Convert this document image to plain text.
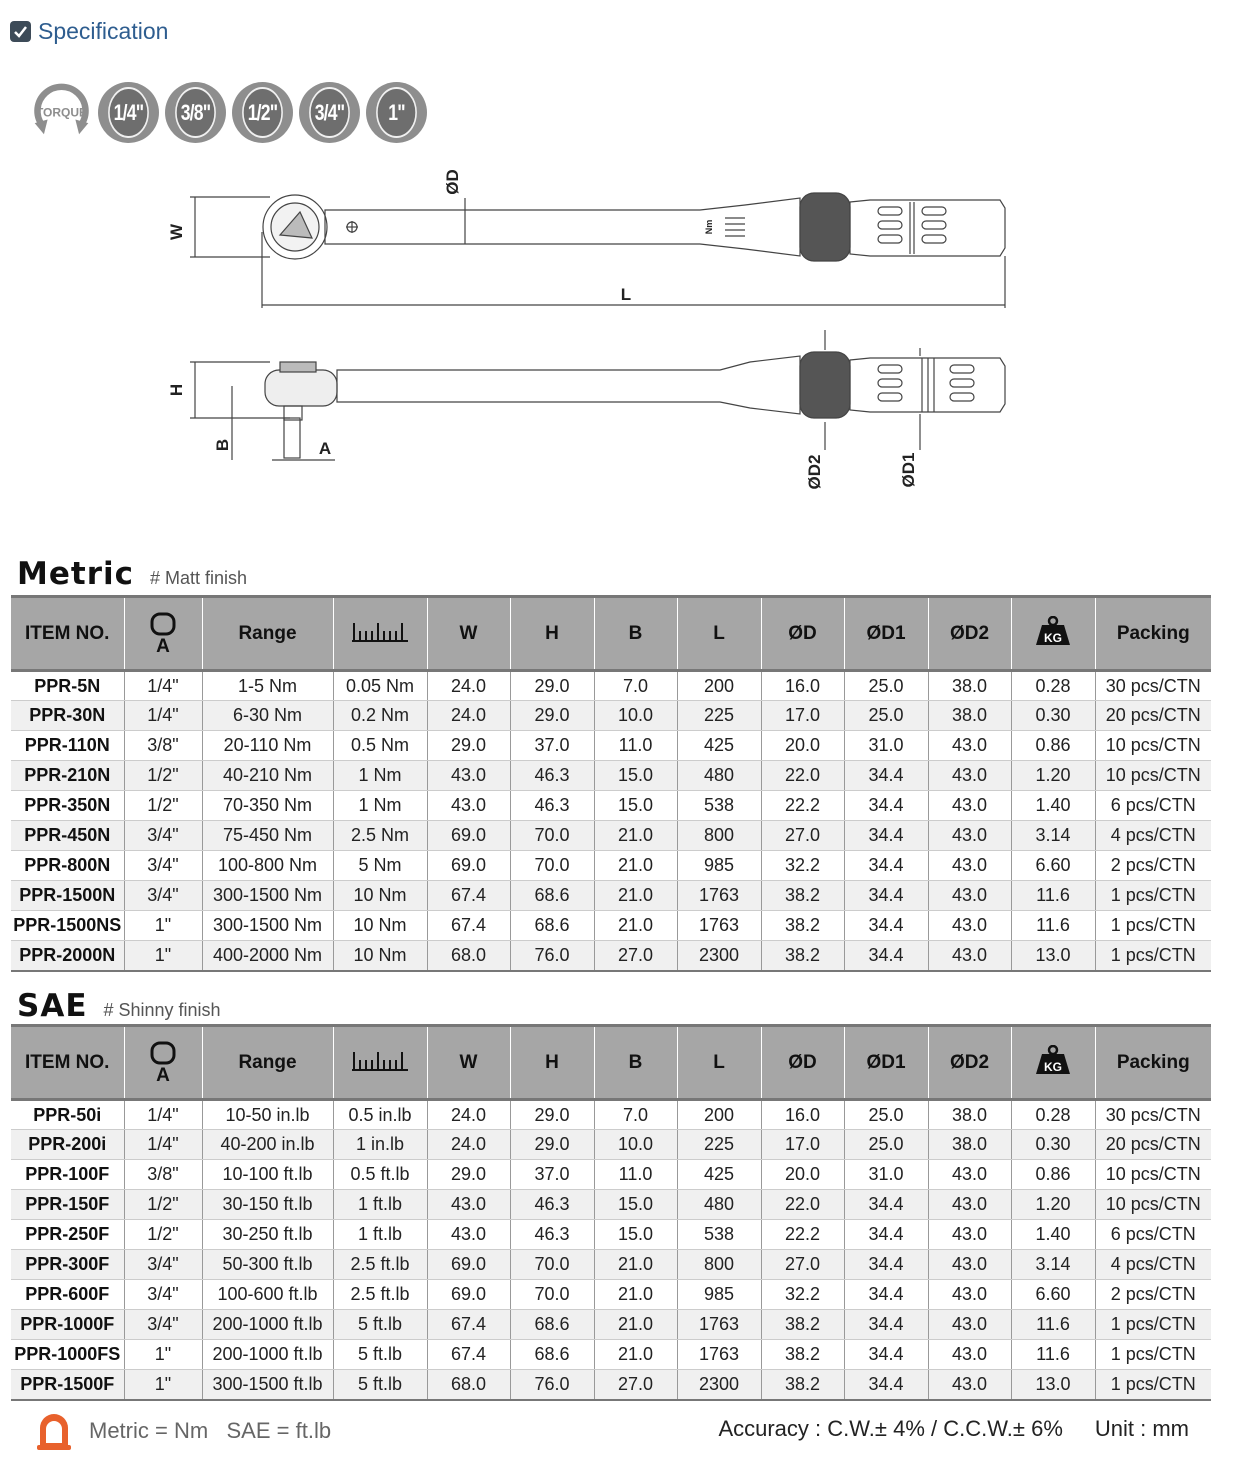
Specification
TORQUE 1/4" 3/8" 1/2" 3/4"	1"
W
ØD
L
Nm
H
B	A
ØD2	ØD1
Metric # Matt finish
ITEM NO.	A	Range		W	H	B	L	ØD	ØD1	ØD2	KG	Packing
PPR-5N	1/4"	1-5 Nm	0.05 Nm	24.0	29.0	7.0	200	16.0	25.0	38.0	0.28	30 pcs/CTN
PPR-30N	1/4"	6-30 Nm	0.2 Nm	24.0	29.0	10.0	225	17.0	25.0	38.0	0.30	20 pcs/CTN
PPR-110N	3/8"	20-110 Nm	0.5 Nm	29.0	37.0	11.0	425	20.0	31.0	43.0	0.86	10 pcs/CTN
PPR-210N	1/2"	40-210 Nm	1 Nm	43.0	46.3	15.0	480	22.0	34.4	43.0	1.20	10 pcs/CTN
PPR-350N	1/2"	70-350 Nm	1 Nm	43.0	46.3	15.0	538	22.2	34.4	43.0	1.40	6 pcs/CTN
PPR-450N	3/4"	75-450 Nm	2.5 Nm	69.0	70.0	21.0	800	27.0	34.4	43.0	3.14	4 pcs/CTN
PPR-800N	3/4"	100-800 Nm	5 Nm	69.0	70.0	21.0	985	32.2	34.4	43.0	6.60	2 pcs/CTN
PPR-1500N	3/4"	300-1500 Nm	10 Nm	67.4	68.6	21.0	1763	38.2	34.4	43.0	11.6	1 pcs/CTN
PPR-1500NS	1"	300-1500 Nm	10 Nm	67.4	68.6	21.0	1763	38.2	34.4	43.0	11.6	1 pcs/CTN
PPR-2000N	1"	400-2000 Nm	10 Nm	68.0	76.0	27.0	2300	38.2	34.4	43.0	13.0	1 pcs/CTN
SAE # Shinny finish
ITEM NO.	A	Range		W	H	B	L	ØD	ØD1	ØD2	KG	Packing
PPR-50i	1/4"	10-50 in.lb	0.5 in.lb	24.0	29.0	7.0	200	16.0	25.0	38.0	0.28	30 pcs/CTN
PPR-200i	1/4"	40-200 in.lb	1 in.lb	24.0	29.0	10.0	225	17.0	25.0	38.0	0.30	20 pcs/CTN
PPR-100F	3/8"	10-100 ft.lb	0.5 ft.lb	29.0	37.0	11.0	425	20.0	31.0	43.0	0.86	10 pcs/CTN
PPR-150F	1/2"	30-150 ft.lb	1 ft.lb	43.0	46.3	15.0	480	22.0	34.4	43.0	1.20	10 pcs/CTN
PPR-250F	1/2"	30-250 ft.lb	1 ft.lb	43.0	46.3	15.0	538	22.2	34.4	43.0	1.40	6 pcs/CTN
PPR-300F	3/4"	50-300 ft.lb	2.5 ft.lb	69.0	70.0	21.0	800	27.0	34.4	43.0	3.14	4 pcs/CTN
PPR-600F	3/4"	100-600 ft.lb	2.5 ft.lb	69.0	70.0	21.0	985	32.2	34.4	43.0	6.60	2 pcs/CTN
PPR-1000F	3/4"	200-1000 ft.lb	5 ft.lb	67.4	68.6	21.0	1763	38.2	34.4	43.0	11.6	1 pcs/CTN
PPR-1000FS	1"	200-1000 ft.lb	5 ft.lb	67.4	68.6	21.0	1763	38.2	34.4	43.0	11.6	1 pcs/CTN
PPR-1500F	1"	300-1500 ft.lb	5 ft.lb	68.0	76.0	27.0	2300	38.2	34.4	43.0	13.0	1 pcs/CTN
Metric = Nm   SAE = ft.lb	Accuracy : C.W.± 4% / C.C.W.± 6% Unit : mm
